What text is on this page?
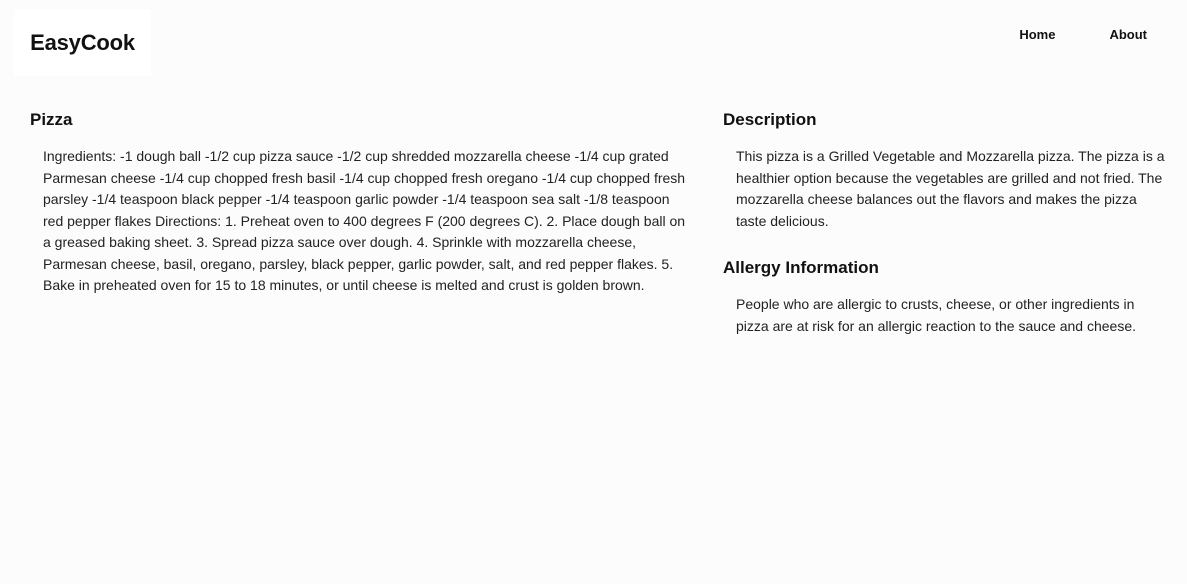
EasyCook	Home	About
Pizza

Ingredients: -1 dough ball -1/2 cup pizza sauce -1/2 cup shredded mozzarella cheese -1/4 cup grated Parmesan cheese -1/4 cup chopped fresh basil -1/4 cup chopped fresh oregano -1/4 cup chopped fresh parsley -1/4 teaspoon black pepper -1/4 teaspoon garlic powder -1/4 teaspoon sea salt -1/8 teaspoon red pepper flakes Directions: 1. Preheat oven to 400 degrees F (200 degrees C). 2. Place dough ball on a greased baking sheet. 3. Spread pizza sauce over dough. 4. Sprinkle with mozzarella cheese, Parmesan cheese, basil, oregano, parsley, black pepper, garlic powder, salt, and red pepper flakes. 5. Bake in preheated oven for 15 to 18 minutes, or until cheese is melted and crust is golden brown.

Description

This pizza is a Grilled Vegetable and Mozzarella pizza. The pizza is a healthier option because the vegetables are grilled and not fried. The mozzarella cheese balances out the flavors and makes the pizza taste delicious.

Allergy Information

People who are allergic to crusts, cheese, or other ingredients in pizza are at risk for an allergic reaction to the sauce and cheese.
